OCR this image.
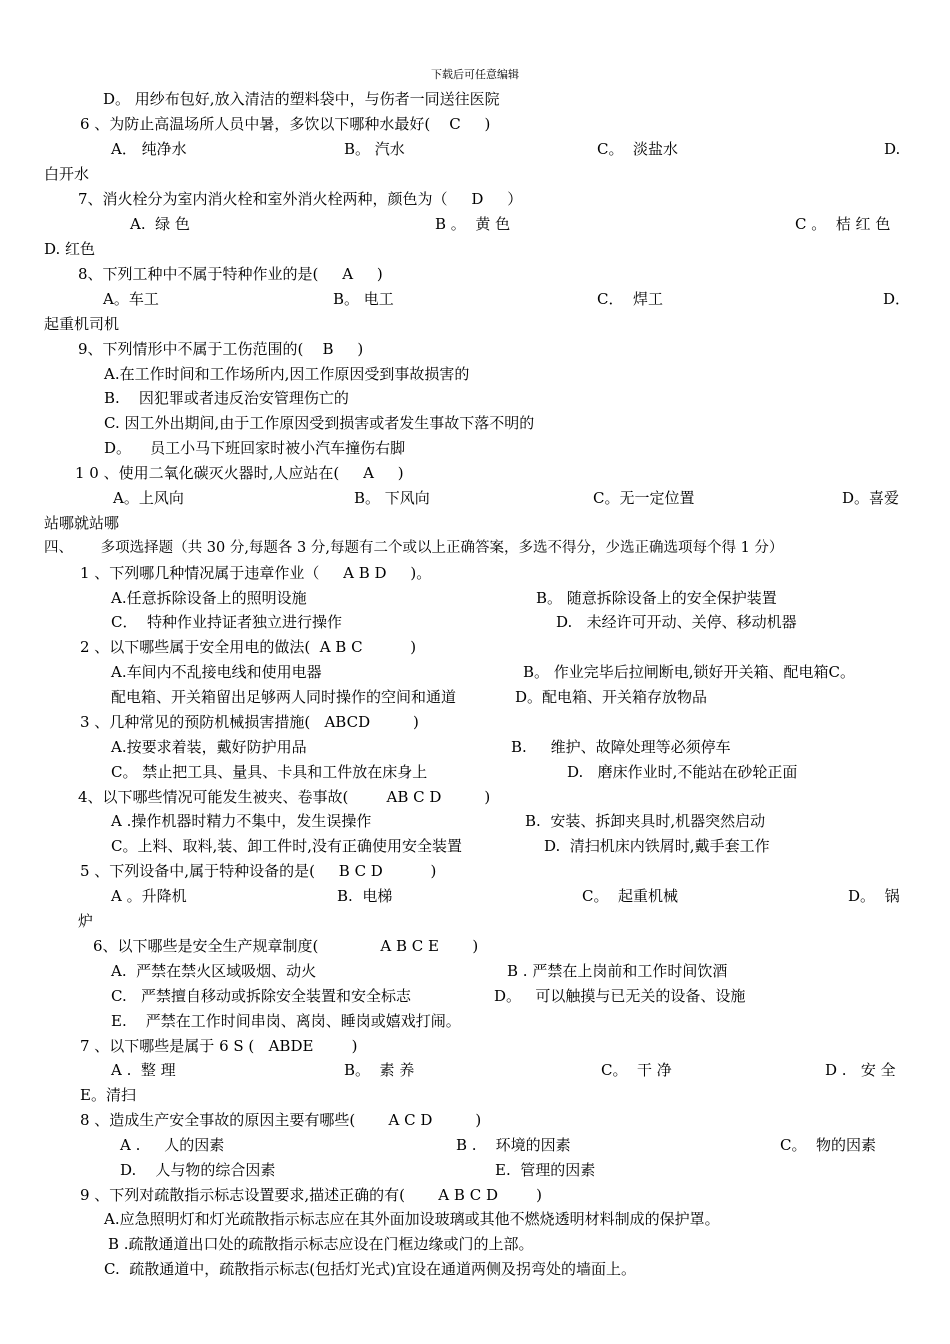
下载后可任意编辑
D。 用纱布包好,放入清洁的塑料袋中，与伤者一同送往医院
6 、为防止高温场所人员中暑，多饮以下哪种水最好(    C     )
A． 纯净水	B。 汽水	C。  淡盐水	D.
白开水
7、消火栓分为室内消火栓和室外消火栓两种，颜色为（     D     ）
A.  绿 色	B 。  黄 色	C 。  桔 红 色
D. 红色
8、下列工种中不属于特种作业的是(     A     )
A。车工	B。 电工	C．  焊工	D．
起重机司机
9、下列情形中不属于工伤范围的(    B     )
A.在工作时间和工作场所内,因工作原因受到事故损害的
B.    因犯罪或者违反治安管理伤亡的
C. 因工外出期间,由于工作原因受到损害或者发生事故下落不明的
D。    员工小马下班回家时被小汽车撞伤右脚
1 0 、使用二氧化碳灭火器时,人应站在(     A     )
A。上风向	B。 下风向	C。无一定位置	D。喜爱
站哪就站哪
四、      多项选择题（共 30 分,每题各 3 分,每题有二个或以上正确答案，多选不得分，少选正确选项每个得 1 分）
1 、下列哪几种情况属于违章作业（     A B D     )。
A.任意拆除设备上的照明设施	B。 随意拆除设备上的安全保护装置
C．  特种作业持证者独立进行操作	D.   未经许可开动、关停、移动机器
2 、以下哪些属于安全用电的做法(  A B C          )
A.车间内不乱接电线和使用电器	B。 作业完毕后拉闸断电,锁好开关箱、配电箱C。
配电箱、开关箱留出足够两人同时操作的空间和通道	D。配电箱、开关箱存放物品
3 、几种常见的预防机械损害措施(   ABCD         )
A.按要求着装，戴好防护用品	B.     维护、故障处理等必须停车
C。 禁止把工具、量具、卡具和工件放在床身上	D.   磨床作业时,不能站在砂轮正面
4、以下哪些情况可能发生被夹、卷事故(        AB C D         )
A .操作机器时精力不集中，发生误操作	B.  安装、拆卸夹具时,机器突然启动
C。上料、取料,装、卸工件时,没有正确使用安全装置	D.  清扫机床内铁屑时,戴手套工作
5 、下列设备中,属于特种设备的是(     B C D          )
A 。升降机	B.  电梯	C。  起重机械	D。  锅
炉
6、以下哪些是安全生产规章制度(             A B C E       )
A.  严禁在禁火区域吸烟、动火	B . 严禁在上岗前和工作时间饮酒
C.   严禁擅自移动或拆除安全装置和安全标志	D。   可以触摸与已无关的设备、设施
E.    严禁在工作时间串岗、离岗、睡岗或嬉戏打闹。
7 、以下哪些是属于 6 S (   ABDE        )
A .  整 理	B。  素 养	C。  干 净	D .   安 全
E。清扫
8 、造成生产安全事故的原因主要有哪些(       A C D         )
A .     人的因素	B .    环境的因素	C。  物的因素
D.    人与物的综合因素	E.  管理的因素
9 、下列对疏散指示标志设置要求,描述正确的有(       A B C D        )
A.应急照明灯和灯光疏散指示标志应在其外面加设玻璃或其他不燃烧透明材料制成的保护罩。
B .疏散通道出口处的疏散指示标志应设在门框边缘或门的上部。
C.  疏散通道中，疏散指示标志(包括灯光式)宜设在通道两侧及拐弯处的墙面上。
